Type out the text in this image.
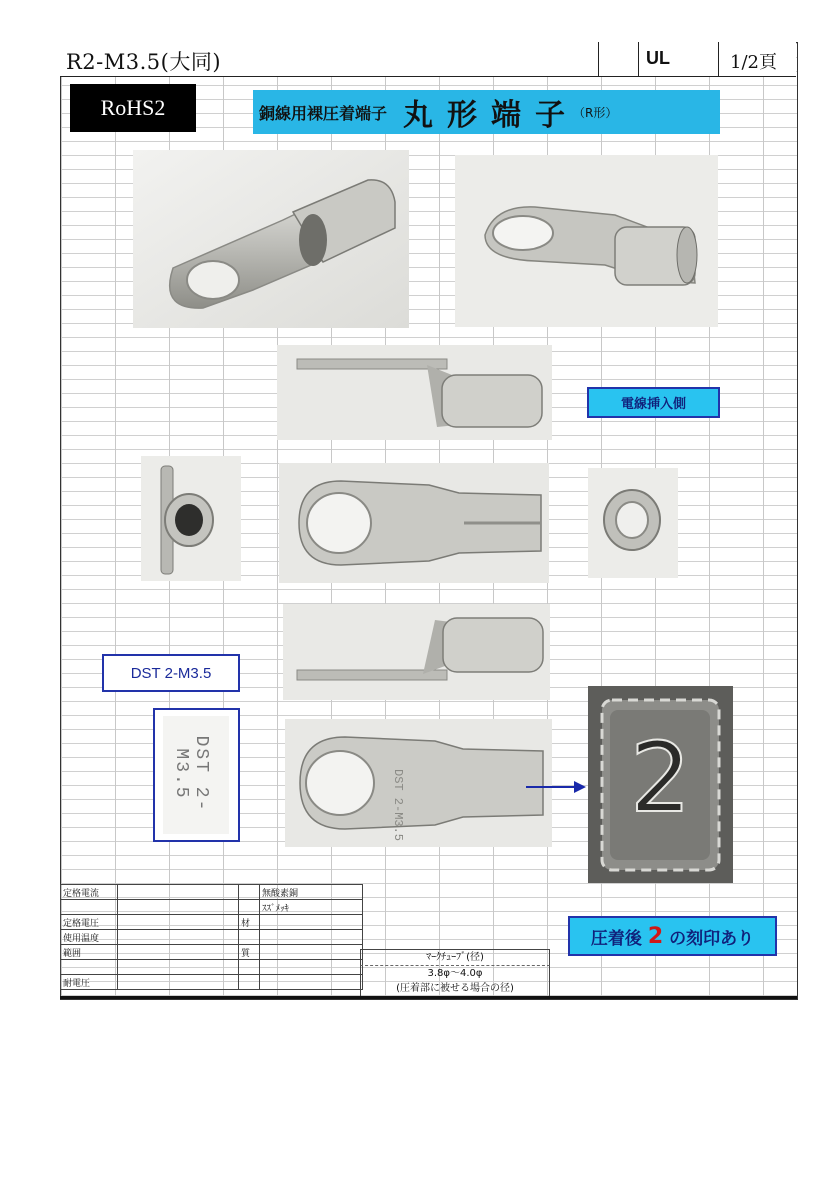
R2-M3.5(大同)	UL	1/2頁
RoHS2	銅線用裸圧着端子 丸形端子
（R形）
電線挿入側
DST 2-M3.5
DST 2-M3.5	DST 2-M3.5	2
圧着後 2 の刻印あり
定格電流			無酸素銅
			ｽｽﾞﾒｯｷ
定格電圧		材	
使用温度			
範囲		質	

耐電圧			
ﾏｰｸﾁｭｰﾌﾞ(径)
3.8φ～4.0φ
(圧着部に被せる場合の径)
